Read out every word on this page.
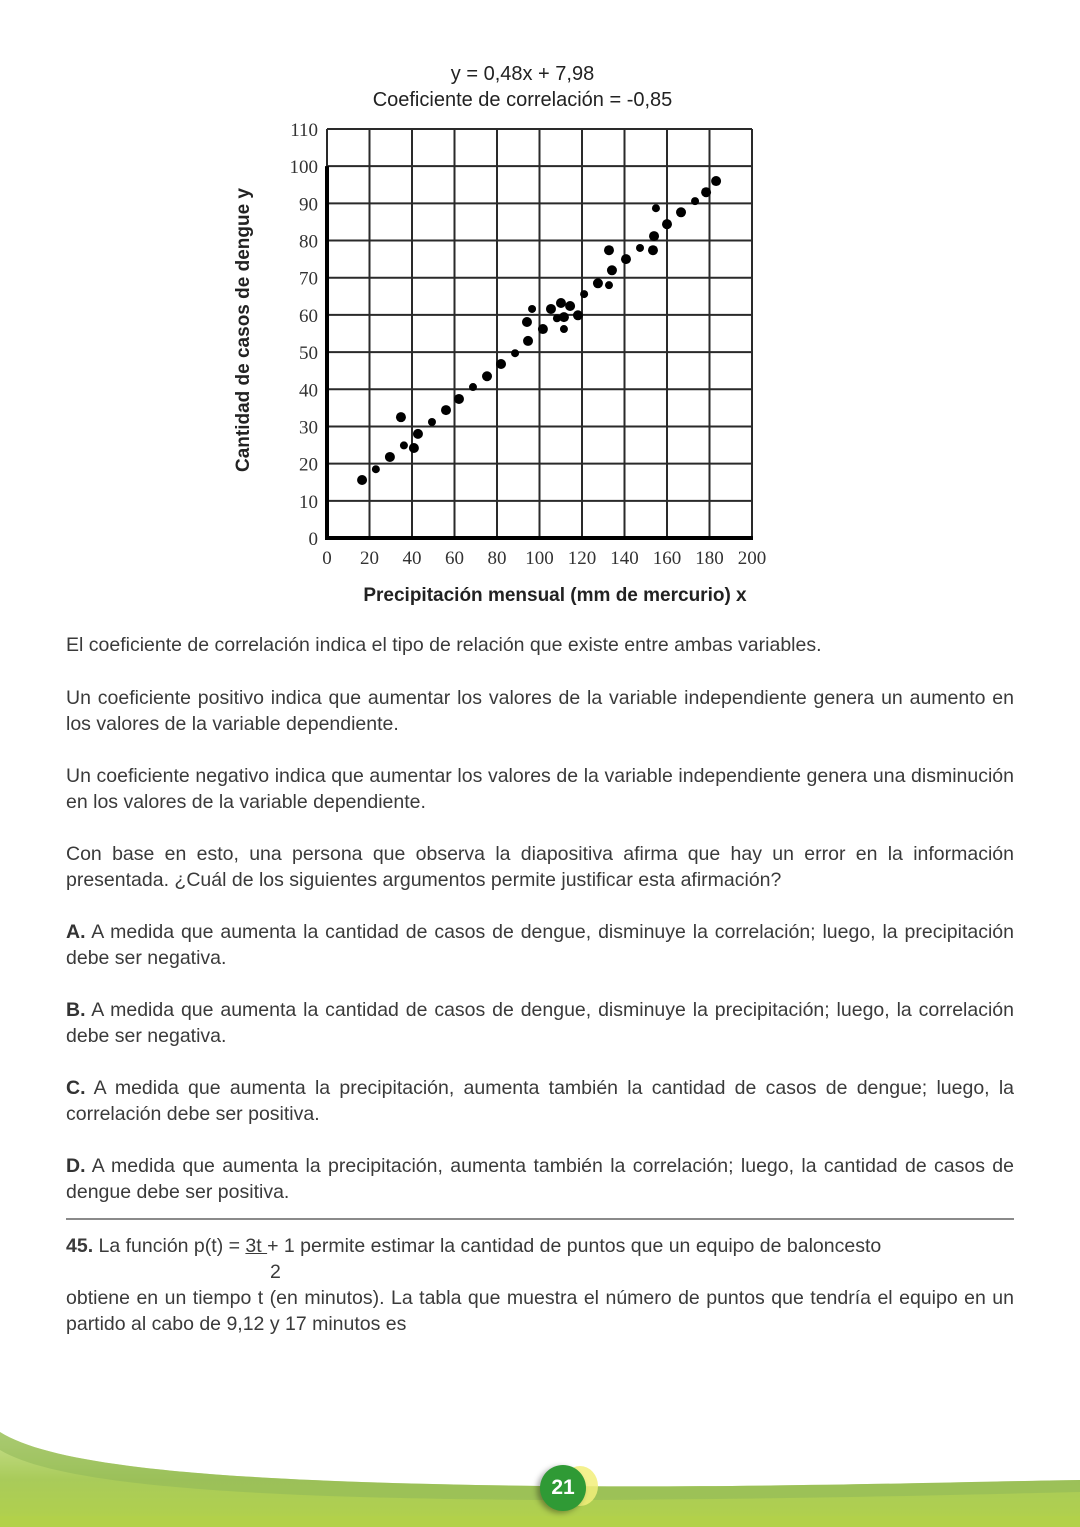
y = 0,48x + 7,98
Coeficiente de correlación = -0,85
0
10
20
30
40
50
60
70
80
90
100
110
0 20 40 60 80 100 120 140 160 180 200
Cantidad de casos de dengue y
Precipitación mensual (mm de mercurio) x
El coeficiente de correlación indica el tipo de relación que existe entre ambas variables.
Un coeficiente positivo indica que aumentar los valores de la variable independiente genera un aumento en los valores de la variable dependiente.
Un coeficiente negativo indica que aumentar los valores de la variable independiente genera una disminución en los valores de la variable dependiente.
Con base en esto, una persona que observa la diapositiva afirma que hay un error en la información presentada. ¿Cuál de los siguientes argumentos permite justificar esta afirmación?
A. A medida que aumenta la cantidad de casos de dengue, disminuye la correlación; luego, la precipitación debe ser negativa.
B. A medida que aumenta la cantidad de casos de dengue, disminuye la precipitación; luego, la correlación debe ser negativa.
C. A medida que aumenta la precipitación, aumenta también la cantidad de casos de dengue; luego, la correlación debe ser positiva.
D. A medida que aumenta la precipitación, aumenta también la correlación; luego, la cantidad de casos de dengue debe ser positiva.
45. La función p(t) = 3t + 1 permite estimar la cantidad de puntos que un equipo de baloncesto
2
obtiene en un tiempo t (en minutos). La tabla que muestra el número de puntos que tendría el equipo en un partido al cabo de 9,12 y 17 minutos es
21
